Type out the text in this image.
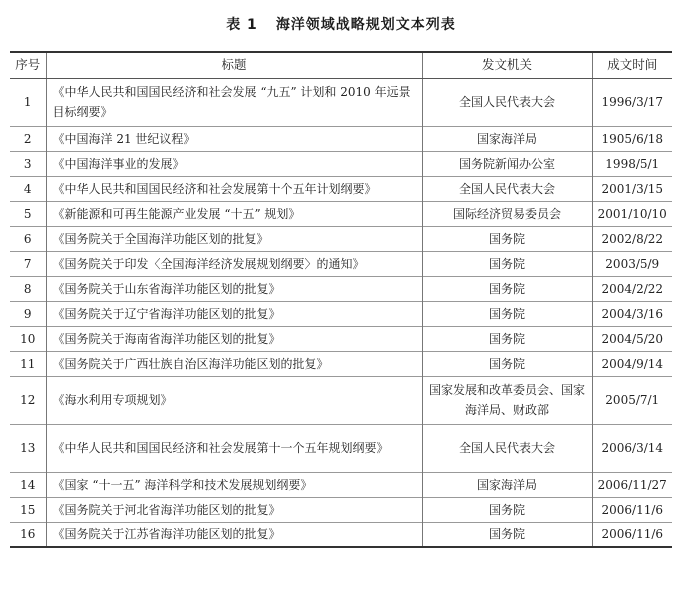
表 1 海洋领域战略规划文本列表
序号	标题	发文机关	成文时间
1	《中华人民共和国国民经济和社会发展 “九五” 计划和 2010 年远景目标纲要》	全国人民代表大会	1996/3/17
2	《中国海洋 21 世纪议程》	国家海洋局	1905/6/18
3	《中国海洋事业的发展》	国务院新闻办公室	1998/5/1
4	《中华人民共和国国民经济和社会发展第十个五年计划纲要》	全国人民代表大会	2001/3/15
5	《新能源和可再生能源产业发展 “十五” 规划》	国际经济贸易委员会	2001/10/10
6	《国务院关于全国海洋功能区划的批复》	国务院	2002/8/22
7	《国务院关于印发〈全国海洋经济发展规划纲要〉的通知》	国务院	2003/5/9
8	《国务院关于山东省海洋功能区划的批复》	国务院	2004/2/22
9	《国务院关于辽宁省海洋功能区划的批复》	国务院	2004/3/16
10	《国务院关于海南省海洋功能区划的批复》	国务院	2004/5/20
11	《国务院关于广西壮族自治区海洋功能区划的批复》	国务院	2004/9/14
12	《海水利用专项规划》	国家发展和改革委员会、国家海洋局、财政部	2005/7/1
13	《中华人民共和国国民经济和社会发展第十一个五年规划纲要》	全国人民代表大会	2006/3/14
14	《国家 “十一五” 海洋科学和技术发展规划纲要》	国家海洋局	2006/11/27
15	《国务院关于河北省海洋功能区划的批复》	国务院	2006/11/6
16	《国务院关于江苏省海洋功能区划的批复》	国务院	2006/11/6
